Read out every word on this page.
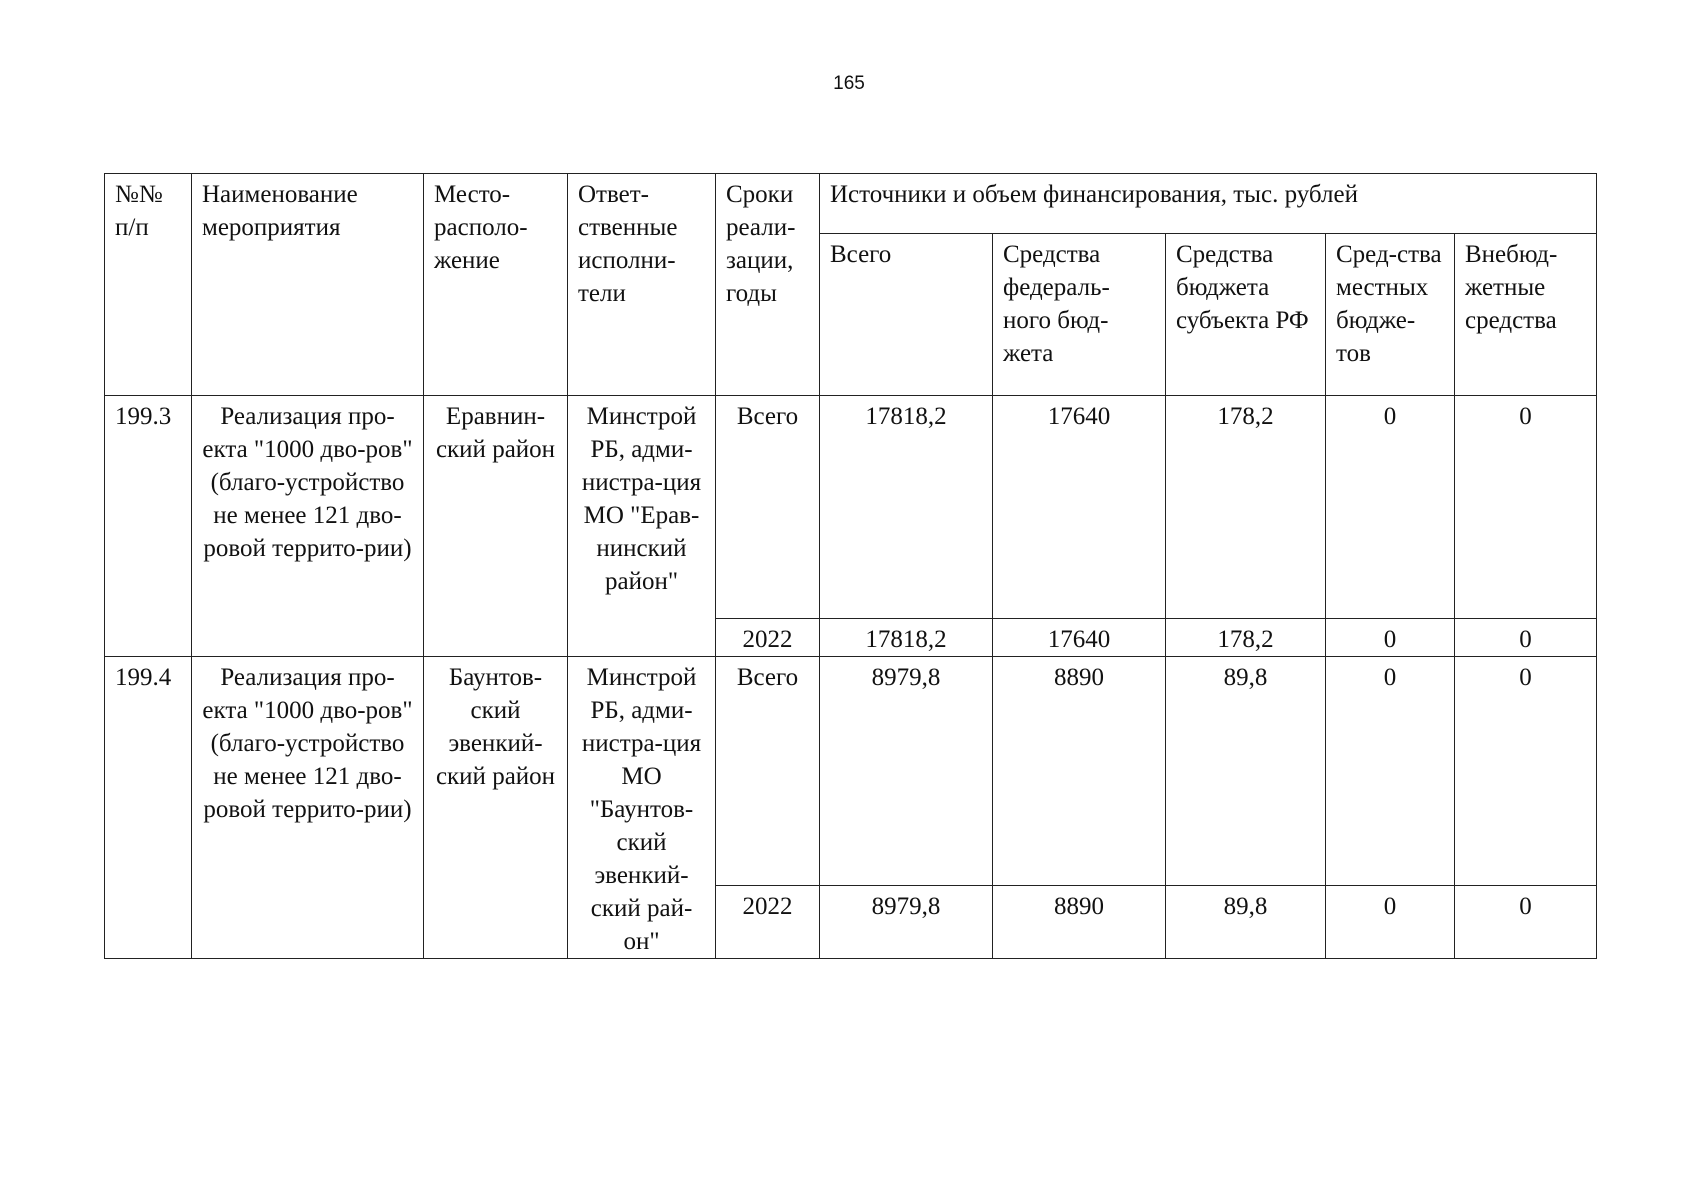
165
№№ п/п	Наименование мероприятия	Место-располо-жение	Ответ-ственные исполни-тели	Сроки реали-зации, годы	Источники и объем финансирования, тыс. рублей				
					Всего	Средства федераль-ного бюд-жета	Средства бюджета субъекта РФ	Сред-ства местных бюдже-тов	Внебюд-жетные средства
199.3	Реализация про-екта "1000 дво-ров" (благо-устройство не менее 121 дво-ровой террито-рии)	Еравнин-ский район	Минстрой РБ, адми-нистра-ция МО "Ерав-нинский район"	Всего	17818,2	17640	178,2	0	0
				2022	17818,2	17640	178,2	0	0
199.4	Реализация про-екта "1000 дво-ров" (благо-устройство не менее 121 дво-ровой террито-рии)	Баунтов-ский эвенкий-ский район	Минстрой РБ, адми-нистра-ция МО "Баунтов-ский эвенкий-ский рай-он"	Всего	8979,8	8890	89,8	0	0
				2022	8979,8	8890	89,8	0	0
